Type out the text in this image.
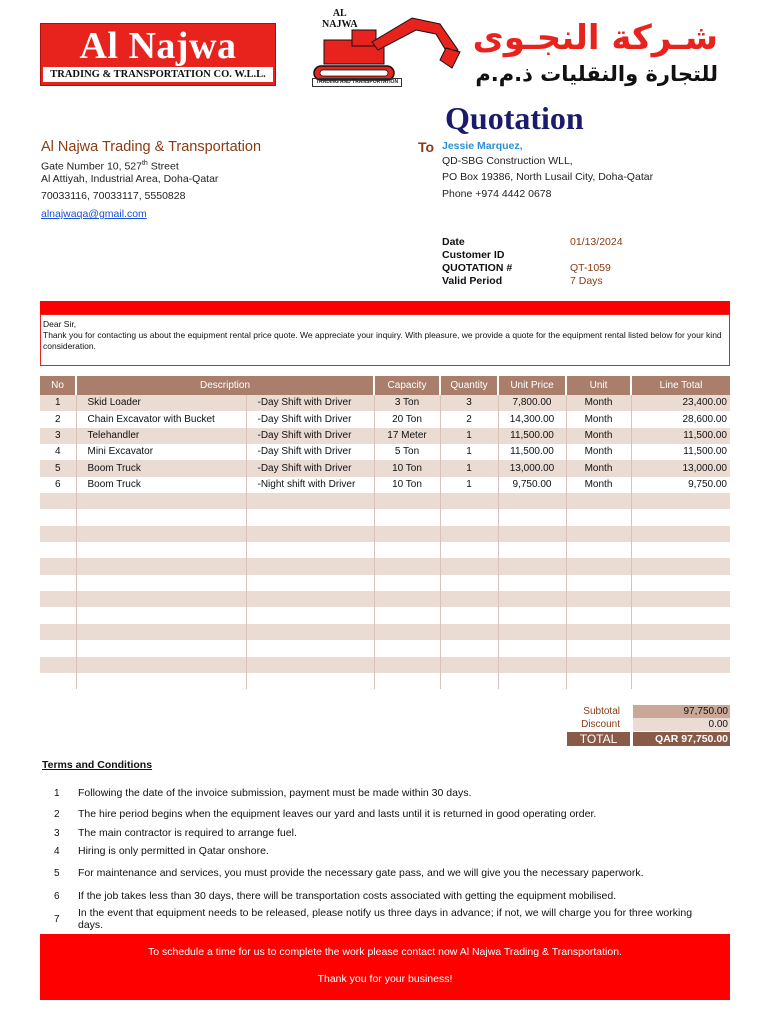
Al Najwa
TRADING & TRANSPORTATION CO. W.L.L.
AL
NAJWA
TRADING AND TRANSPORTATION
شـركة النجـوى
للتجارة والنقليات ذ.م.م
Quotation
Al Najwa Trading & Transportation
Gate Number 10, 527th Street
Al Attiyah, Industrial Area, Doha-Qatar
70033116, 70033117, 5550828
alnajwaqa@gmail.com
To Jessie Marquez,
QD-SBG Construction WLL,
PO Box 19386, North Lusail City, Doha-Qatar
Phone +974 4442 0678
Date	01/13/2024
Customer ID
QUOTATION #	QT-1059
Valid Period	7 Days
Dear Sir,
Thank you for contacting us about the equipment rental price quote. We appreciate your inquiry. With pleasure, we provide a quote for the equipment rental listed below for your kind consideration.
No	Description		Capacity	Quantity	Unit Price	Unit	Line Total
1	Skid Loader	-Day Shift with Driver	3 Ton	3	7,800.00	Month	23,400.00
2	Chain Excavator with Bucket	-Day Shift with Driver	20 Ton	2	14,300.00	Month	28,600.00
3	Telehandler	-Day Shift with Driver	17 Meter	1	11,500.00	Month	11,500.00
4	Mini Excavator	-Day Shift with Driver	5 Ton	1	11,500.00	Month	11,500.00
5	Boom Truck	-Day Shift with Driver	10 Ton	1	13,000.00	Month	13,000.00
6	Boom Truck	-Night shift with Driver	10 Ton	1	9,750.00	Month	9,750.00

Subtotal	97,750.00
Discount	0.00
TOTAL	QAR 97,750.00
Terms and Conditions
1 Following the date of the invoice submission, payment must be made within 30 days.
2 The hire period begins when the equipment leaves our yard and lasts until it is returned in good operating order.
3 The main contractor is required to arrange fuel.
4 Hiring is only permitted in Qatar onshore.
5 For maintenance and services, you must provide the necessary gate pass, and we will give you the necessary paperwork.
6 If the job takes less than 30 days, there will be transportation costs associated with getting the equipment mobilised.
7
In the event that equipment needs to be released, please notify us three days in advance; if not, we will charge you for three working days.
To schedule a time for us to complete the work please contact now Al Najwa Trading & Transportation.
Thank you for your business!
